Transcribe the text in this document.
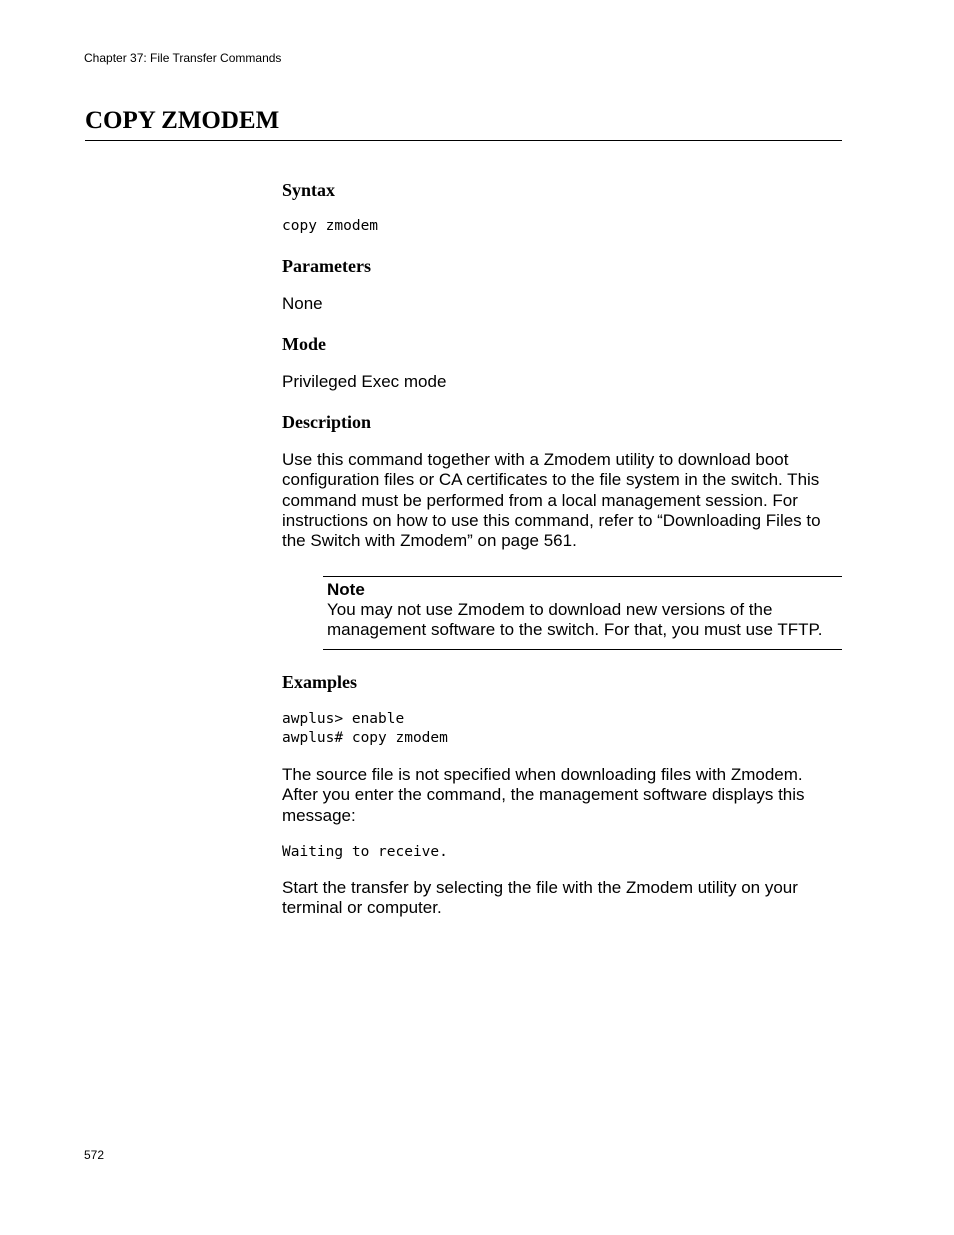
Chapter 37: File Transfer Commands
COPY ZMODEM
Syntax
copy zmodem
Parameters

None

Mode

Privileged Exec mode

Description

Use this command together with a Zmodem utility to download boot configuration files or CA certificates to the file system in the switch. This command must be performed from a local management session. For instructions on how to use this command, refer to “Downloading Files to the Switch with Zmodem” on page 561.

Note

You may not use Zmodem to download new versions of the management software to the switch. For that, you must use TFTP.

Examples
awplus> enable
awplus# copy zmodem

The source file is not specified when downloading files with Zmodem. After you enter the command, the management software displays this message:

Waiting to receive.

Start the transfer by selecting the file with the Zmodem utility on your terminal or computer.

572
